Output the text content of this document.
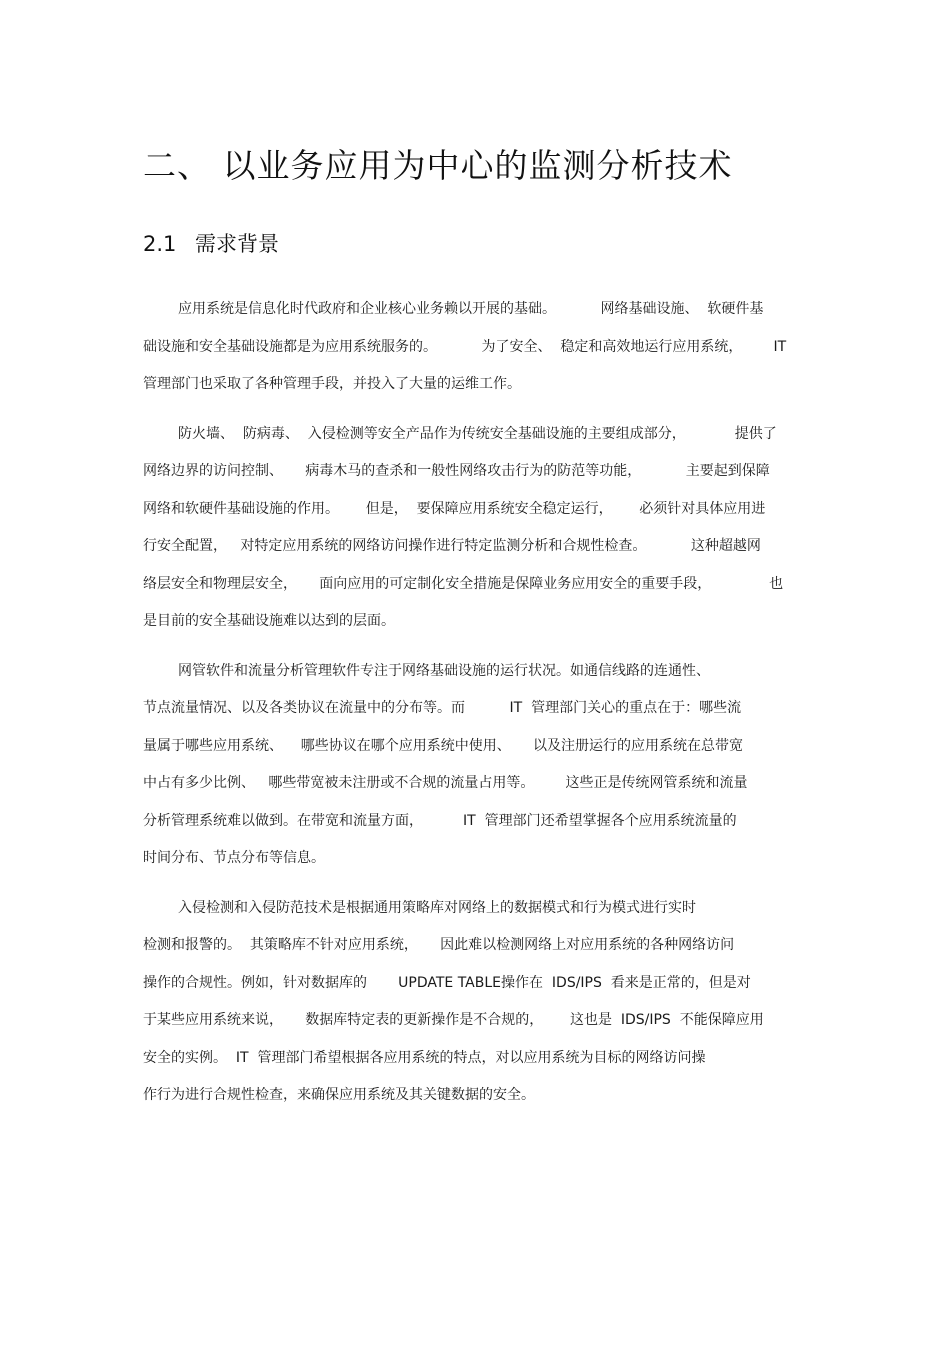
二、 以业务应用为中心的监测分析技术
2.1 需求背景
应用系统是信息化时代政府和企业核心业务赖以开展的基础。          网络基础设施、  软硬件基
础设施和安全基础设施都是为应用系统服务的。          为了安全、  稳定和高效地运行应用系统，       IT
管理部门也采取了各种管理手段，并投入了大量的运维工作。
防火墙、  防病毒、  入侵检测等安全产品作为传统安全基础设施的主要组成部分，           提供了
网络边界的访问控制、     病毒木马的查杀和一般性网络攻击行为的防范等功能，          主要起到保障
网络和软硬件基础设施的作用。      但是，  要保障应用系统安全稳定运行，      必须针对具体应用进
行安全配置，   对特定应用系统的网络访问操作进行特定监测分析和合规性检查。          这种超越网
络层安全和物理层安全，     面向应用的可定制化安全措施是保障业务应用安全的重要手段，             也
是目前的安全基础设施难以达到的层面。
网管软件和流量分析管理软件专注于网络基础设施的运行状况。如通信线路的连通性、
节点流量情况、以及各类协议在流量中的分布等。而          IT  管理部门关心的重点在于：哪些流
量属于哪些应用系统、    哪些协议在哪个应用系统中使用、     以及注册运行的应用系统在总带宽
中占有多少比例、   哪些带宽被未注册或不合规的流量占用等。       这些正是传统网管系统和流量
分析管理系统难以做到。在带宽和流量方面，         IT  管理部门还希望掌握各个应用系统流量的
时间分布、节点分布等信息。
入侵检测和入侵防范技术是根据通用策略库对网络上的数据模式和行为模式进行实时
检测和报警的。  其策略库不针对应用系统，     因此难以检测网络上对应用系统的各种网络访问
操作的合规性。例如，针对数据库的       UPDATE TABLE操作在  IDS/IPS  看来是正常的，但是对
于某些应用系统来说，     数据库特定表的更新操作是不合规的，      这也是  IDS/IPS  不能保障应用
安全的实例。  IT  管理部门希望根据各应用系统的特点，对以应用系统为目标的网络访问操
作行为进行合规性检查，来确保应用系统及其关键数据的安全。
